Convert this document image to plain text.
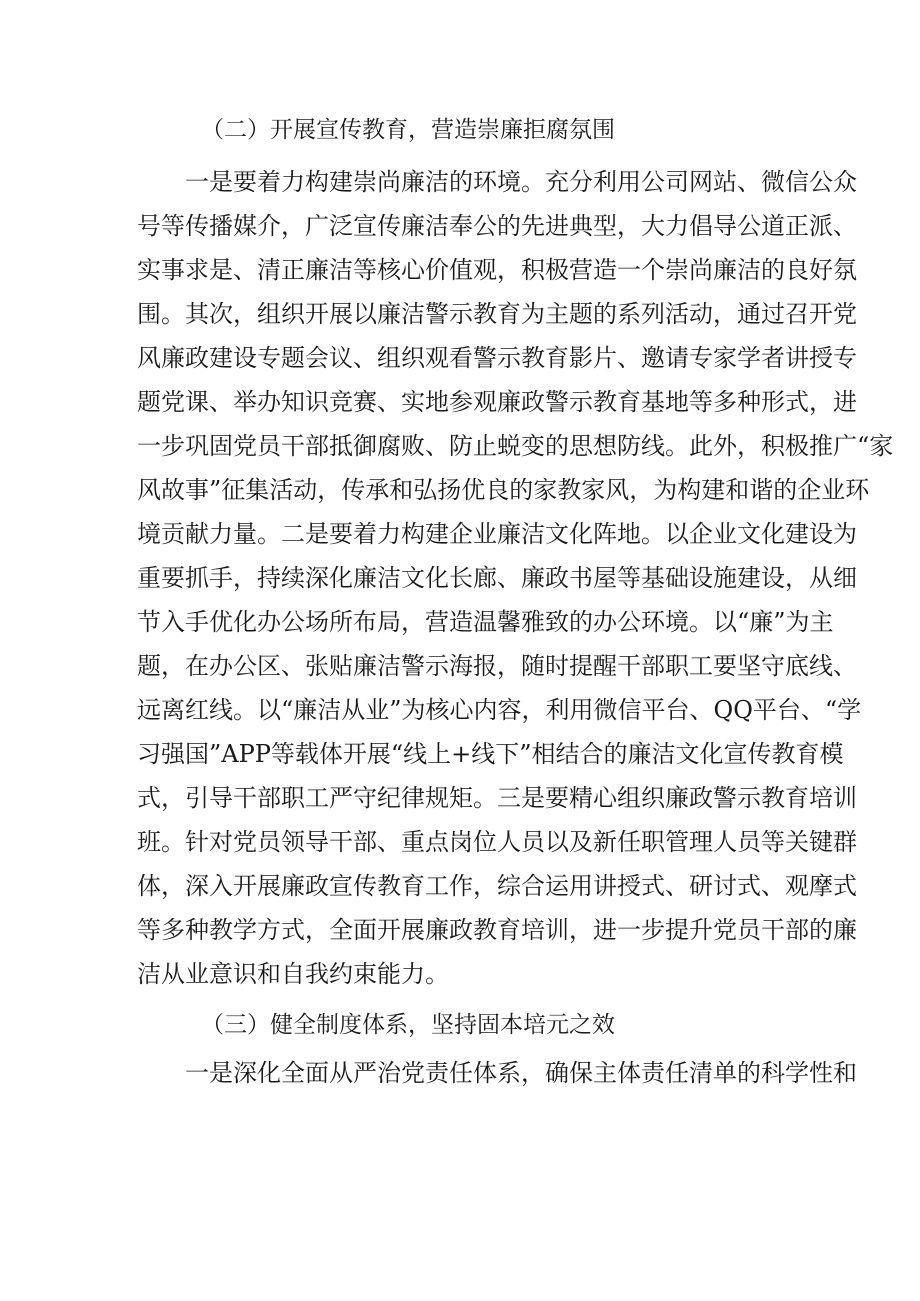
（二）开展宣传教育，营造崇廉拒腐氛围
一是要着力构建崇尚廉洁的环境。充分利用公司网站、微信公众
号等传播媒介，广泛宣传廉洁奉公的先进典型，大力倡导公道正派、
实事求是、清正廉洁等核心价值观，积极营造一个崇尚廉洁的良好氛
围。其次，组织开展以廉洁警示教育为主题的系列活动，通过召开党
风廉政建设专题会议、组织观看警示教育影片、邀请专家学者讲授专
题党课、举办知识竞赛、实地参观廉政警示教育基地等多种形式，进
一步巩固党员干部抵御腐败、防止蜕变的思想防线。此外，积极推广“家
风故事”征集活动，传承和弘扬优良的家教家风，为构建和谐的企业环
境贡献力量。二是要着力构建企业廉洁文化阵地。以企业文化建设为
重要抓手，持续深化廉洁文化长廊、廉政书屋等基础设施建设，从细
节入手优化办公场所布局，营造温馨雅致的办公环境。以“廉”为主
题，在办公区、张贴廉洁警示海报，随时提醒干部职工要坚守底线、
远离红线。以“廉洁从业”为核心内容，利用微信平台、QQ平台、“学
习强国”APP等载体开展“线上+线下”相结合的廉洁文化宣传教育模
式，引导干部职工严守纪律规矩。三是要精心组织廉政警示教育培训
班。针对党员领导干部、重点岗位人员以及新任职管理人员等关键群
体，深入开展廉政宣传教育工作，综合运用讲授式、研讨式、观摩式
等多种教学方式，全面开展廉政教育培训，进一步提升党员干部的廉
洁从业意识和自我约束能力。
（三）健全制度体系，坚持固本培元之效
一是深化全面从严治党责任体系，确保主体责任清单的科学性和
